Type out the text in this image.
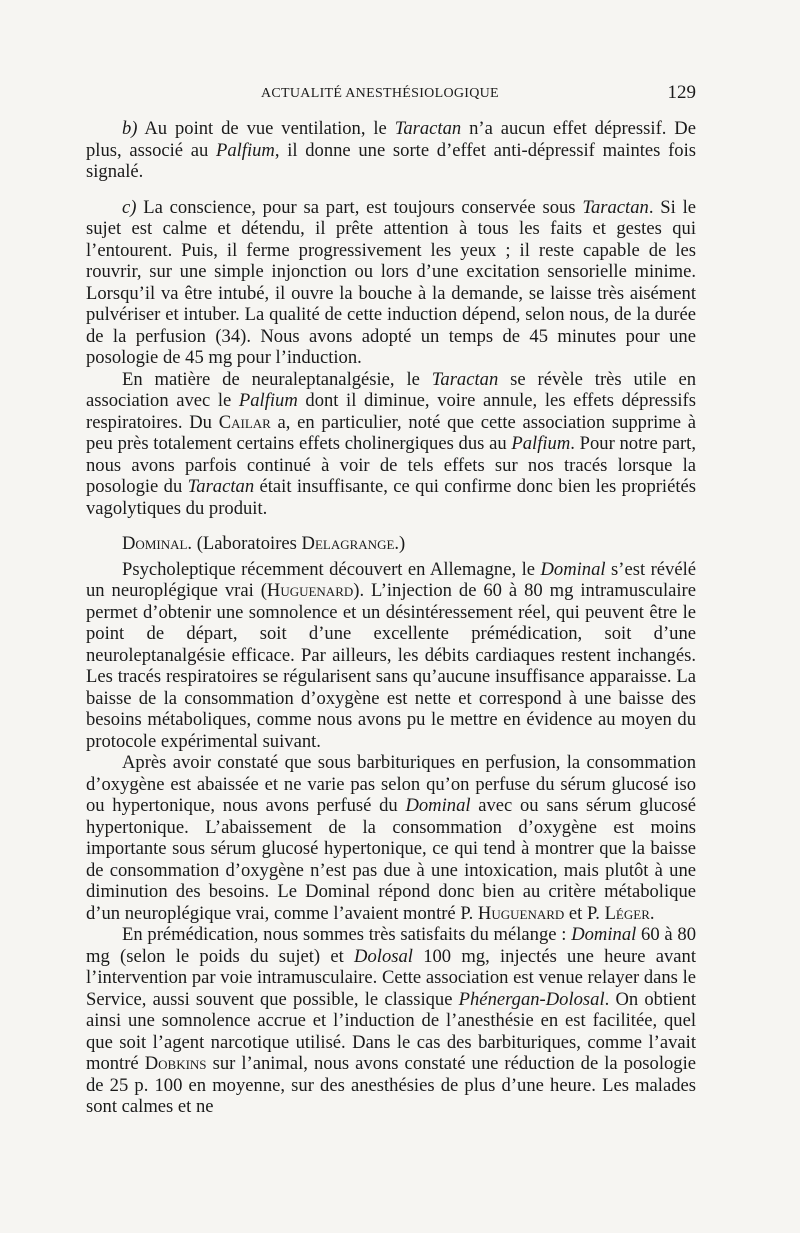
ACTUALITÉ ANESTHÉSIOLOGIQUE	129

b) Au point de vue ventilation, le Taractan n’a aucun effet dépressif. De plus, associé au Palfium, il donne une sorte d’effet anti-dépressif maintes fois signalé.

c) La conscience, pour sa part, est toujours conservée sous Taractan. Si le sujet est calme et détendu, il prête attention à tous les faits et gestes qui l’entourent. Puis, il ferme progressivement les yeux ; il reste capable de les rouvrir, sur une simple injonction ou lors d’une excitation sensorielle minime. Lorsqu’il va être intubé, il ouvre la bouche à la demande, se laisse très aisément pulvériser et intuber. La qualité de cette induction dépend, selon nous, de la durée de la perfusion (34). Nous avons adopté un temps de 45 minutes pour une posologie de 45 mg pour l’induction.

En matière de neuraleptanalgésie, le Taractan se révèle très utile en association avec le Palfium dont il diminue, voire annule, les effets dépressifs respiratoires. Du Cailar a, en particulier, noté que cette association supprime à peu près totalement certains effets cholinergiques dus au Palfium. Pour notre part, nous avons parfois continué à voir de tels effets sur nos tracés lorsque la posologie du Taractan était insuffisante, ce qui confirme donc bien les propriétés vagolytiques du produit.

Dominal. (Laboratoires Delagrange.)

Psycholeptique récemment découvert en Allemagne, le Dominal s’est révélé un neuroplégique vrai (Huguenard). L’injection de 60 à 80 mg intramusculaire permet d’obtenir une somnolence et un désintéressement réel, qui peuvent être le point de départ, soit d’une excellente prémédication, soit d’une neuroleptanalgésie efficace. Par ailleurs, les débits cardiaques restent inchangés. Les tracés respiratoires se régularisent sans qu’aucune insuffisance apparaisse. La baisse de la consommation d’oxygène est nette et correspond à une baisse des besoins métaboliques, comme nous avons pu le mettre en évidence au moyen du protocole expérimental suivant.

Après avoir constaté que sous barbituriques en perfusion, la consommation d’oxygène est abaissée et ne varie pas selon qu’on perfuse du sérum glucosé iso ou hypertonique, nous avons perfusé du Dominal avec ou sans sérum glucosé hypertonique. L’abaissement de la consommation d’oxygène est moins importante sous sérum glucosé hypertonique, ce qui tend à montrer que la baisse de consommation d’oxygène n’est pas due à une intoxication, mais plutôt à une diminution des besoins. Le Dominal répond donc bien au critère métabolique d’un neuroplégique vrai, comme l’avaient montré P. Huguenard et P. Léger.

En prémédication, nous sommes très satisfaits du mélange : Dominal 60 à 80 mg (selon le poids du sujet) et Dolosal 100 mg, injectés une heure avant l’intervention par voie intramusculaire. Cette association est venue relayer dans le Service, aussi souvent que possible, le classique Phénergan-Dolosal. On obtient ainsi une somnolence accrue et l’induction de l’anesthésie en est facilitée, quel que soit l’agent narcotique utilisé. Dans le cas des barbituriques, comme l’avait montré Dobkins sur l’animal, nous avons constaté une réduction de la posologie de 25 p. 100 en moyenne, sur des anesthésies de plus d’une heure. Les malades sont calmes et ne
